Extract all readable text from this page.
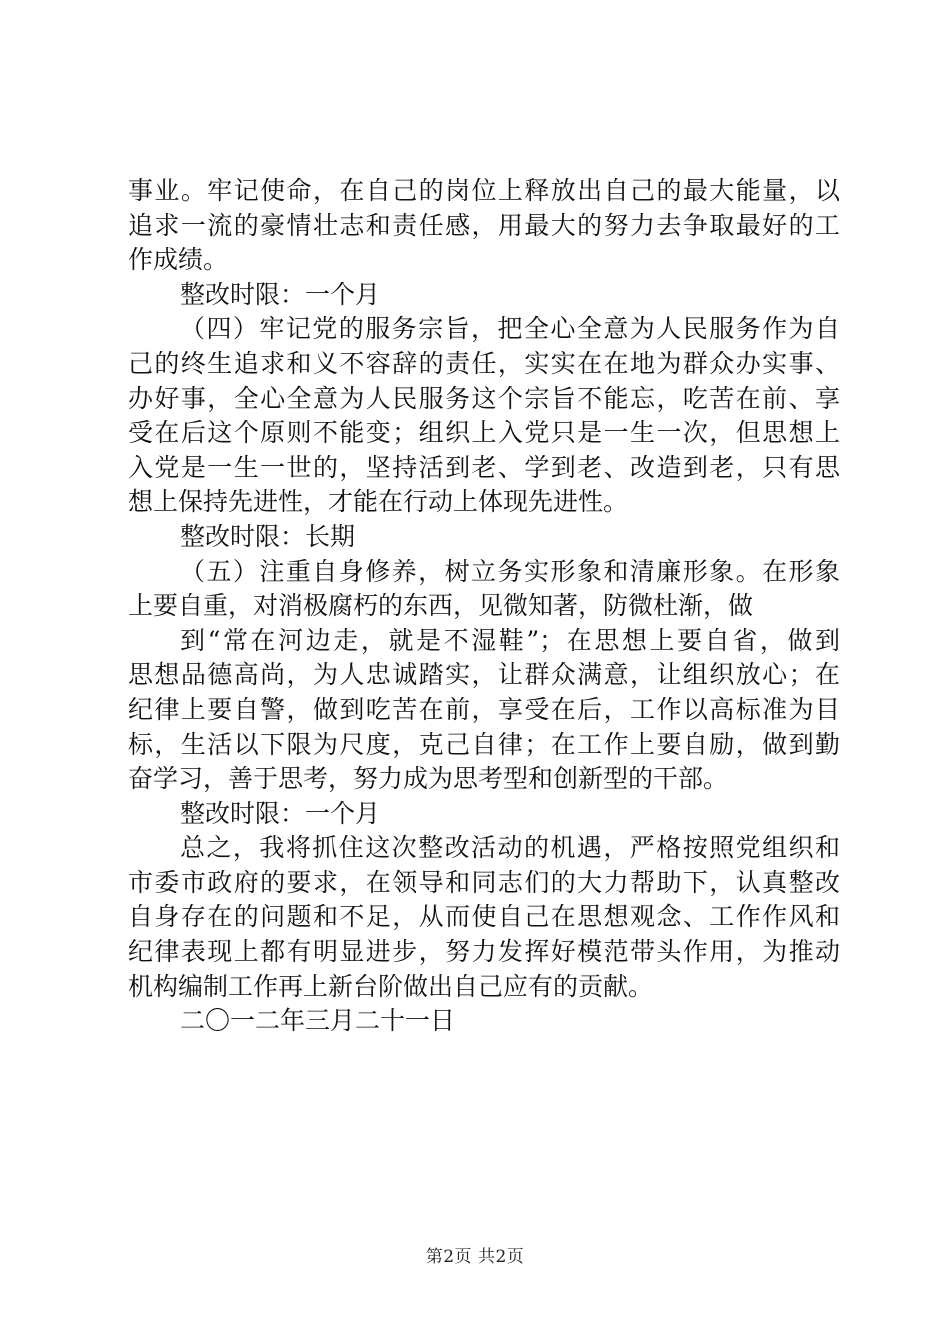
事业。牢记使命，在自己的岗位上释放出自己的最大能量，以
追求一流的豪情壮志和责任感，用最大的努力去争取最好的工
作成绩。
整改时限：一个月
（四）牢记党的服务宗旨，把全心全意为人民服务作为自
己的终生追求和义不容辞的责任，实实在在地为群众办实事、
办好事，全心全意为人民服务这个宗旨不能忘，吃苦在前、享
受在后这个原则不能变；组织上入党只是一生一次，但思想上
入党是一生一世的，坚持活到老、学到老、改造到老，只有思
想上保持先进性，才能在行动上体现先进性。
整改时限：长期
（五）注重自身修养，树立务实形象和清廉形象。在形象
上要自重，对消极腐朽的东西，见微知著，防微杜渐，做
到“常在河边走，就是不湿鞋”；在思想上要自省，做到
思想品德高尚，为人忠诚踏实，让群众满意，让组织放心；在
纪律上要自警，做到吃苦在前，享受在后，工作以高标准为目
标，生活以下限为尺度，克己自律；在工作上要自励，做到勤
奋学习，善于思考，努力成为思考型和创新型的干部。
整改时限：一个月
总之，我将抓住这次整改活动的机遇，严格按照党组织和
市委市政府的要求，在领导和同志们的大力帮助下，认真整改
自身存在的问题和不足，从而使自己在思想观念、工作作风和
纪律表现上都有明显进步，努力发挥好模范带头作用，为推动
机构编制工作再上新台阶做出自己应有的贡献。
二〇一二年三月二十一日
第2页 共2页
